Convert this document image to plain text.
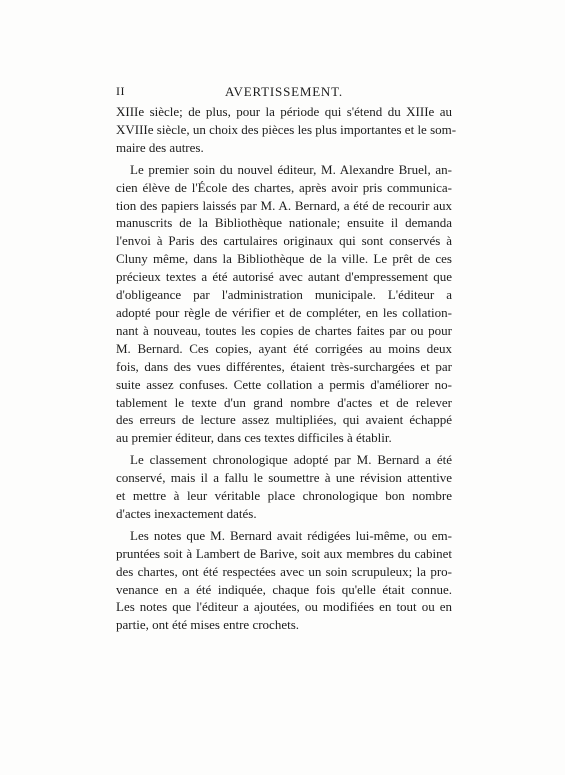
II	AVERTISSEMENT.
XIIIe siècle; de plus, pour la période qui s'étend du XIIIe au
XVIIIe siècle, un choix des pièces les plus importantes et le som-
maire des autres.
Le premier soin du nouvel éditeur, M. Alexandre Bruel, an-
cien élève de l'École des chartes, après avoir pris communica-
tion des papiers laissés par M. A. Bernard, a été de recourir aux
manuscrits de la Bibliothèque nationale; ensuite il demanda
l'envoi à Paris des cartulaires originaux qui sont conservés à
Cluny même, dans la Bibliothèque de la ville. Le prêt de ces
précieux textes a été autorisé avec autant d'empressement que
d'obligeance par l'administration municipale. L'éditeur a
adopté pour règle de vérifier et de compléter, en les collation-
nant à nouveau, toutes les copies de chartes faites par ou pour
M. Bernard. Ces copies, ayant été corrigées au moins deux
fois, dans des vues différentes, étaient très-surchargées et par
suite assez confuses. Cette collation a permis d'améliorer no-
tablement le texte d'un grand nombre d'actes et de relever
des erreurs de lecture assez multipliées, qui avaient échappé
au premier éditeur, dans ces textes difficiles à établir.
Le classement chronologique adopté par M. Bernard a été
conservé, mais il a fallu le soumettre à une révision attentive
et mettre à leur véritable place chronologique bon nombre
d'actes inexactement datés.
Les notes que M. Bernard avait rédigées lui-même, ou em-
pruntées soit à Lambert de Barive, soit aux membres du cabinet
des chartes, ont été respectées avec un soin scrupuleux; la pro-
venance en a été indiquée, chaque fois qu'elle était connue.
Les notes que l'éditeur a ajoutées, ou modifiées en tout ou en
partie, ont été mises entre crochets.
